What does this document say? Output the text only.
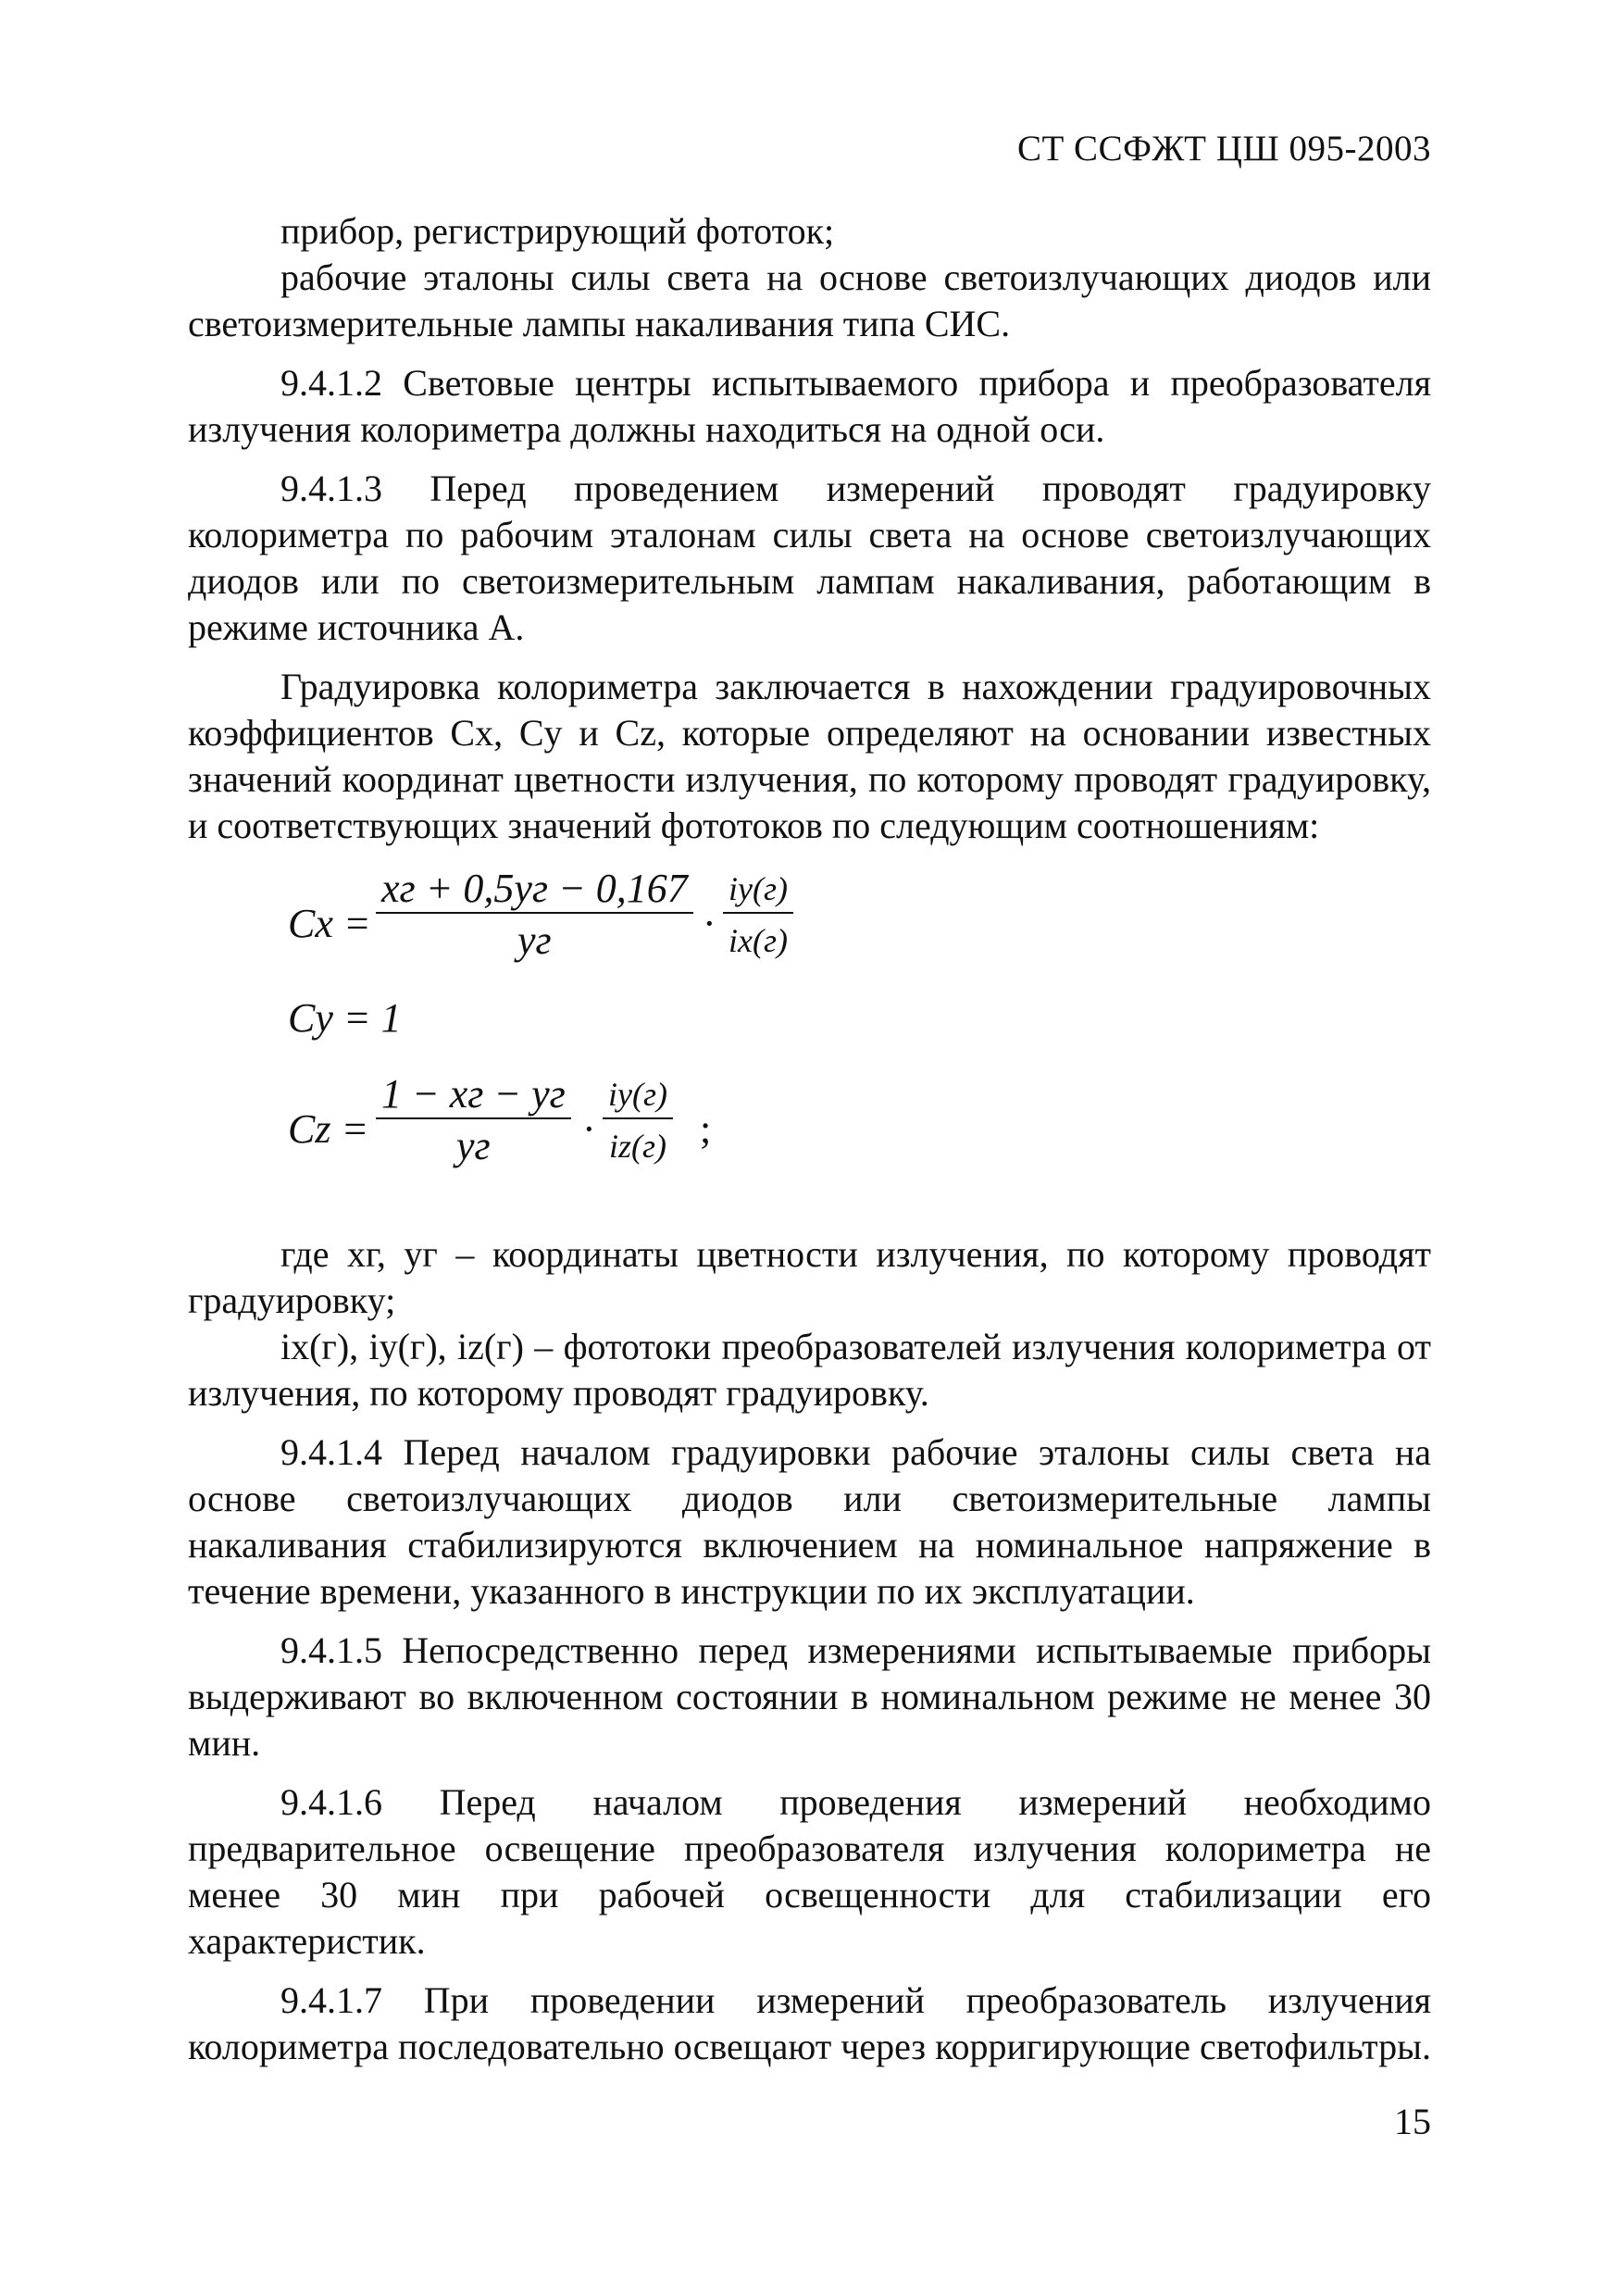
СТ ССФЖТ ЦШ 095-2003

прибор, регистрирующий фототок;

рабочие эталоны силы света на основе светоизлучающих диодов или светоизмерительные лампы накаливания типа СИС.

9.4.1.2 Световые центры испытываемого прибора и преобразователя излучения колориметра должны находиться на одной оси.

9.4.1.3 Перед проведением измерений проводят градуировку колориметра по рабочим эталонам силы света на основе светоизлучающих диодов или по светоизмерительным лампам накаливания, работающим в режиме источника А.

Градуировка колориметра заключается в нахождении градуировочных коэффициентов Cx, Cy и Cz, которые определяют на основании известных значений координат цветности излучения, по которому проводят градуировку, и соответствующих значений фототоков по следующим соотношениям:

Cx =
xг + 0,5yг − 0,167
yг	·
iy(г)
ix(г)
Cy = 1
Cz =
1 − xг − yг
yг	·
iy(г)
iz(г) ;

где xг, yг – координаты цветности излучения, по которому проводят градуировку;

ix(г), iy(г), iz(г) – фототоки преобразователей излучения колориметра от излучения, по которому проводят градуировку.

9.4.1.4 Перед началом градуировки рабочие эталоны силы света на основе светоизлучающих диодов или светоизмерительные лампы накаливания стабилизируются включением на номинальное напряжение в течение времени, указанного в инструкции по их эксплуатации.

9.4.1.5 Непосредственно перед измерениями испытываемые приборы выдерживают во включенном состоянии в номинальном режиме не менее 30 мин.

9.4.1.6 Перед началом проведения измерений необходимо предварительное освещение преобразователя излучения колориметра не менее 30 мин при рабочей освещенности для стабилизации его характеристик.

9.4.1.7 При проведении измерений преобразователь излучения колориметра последовательно освещают через корригирующие светофильтры.

15
